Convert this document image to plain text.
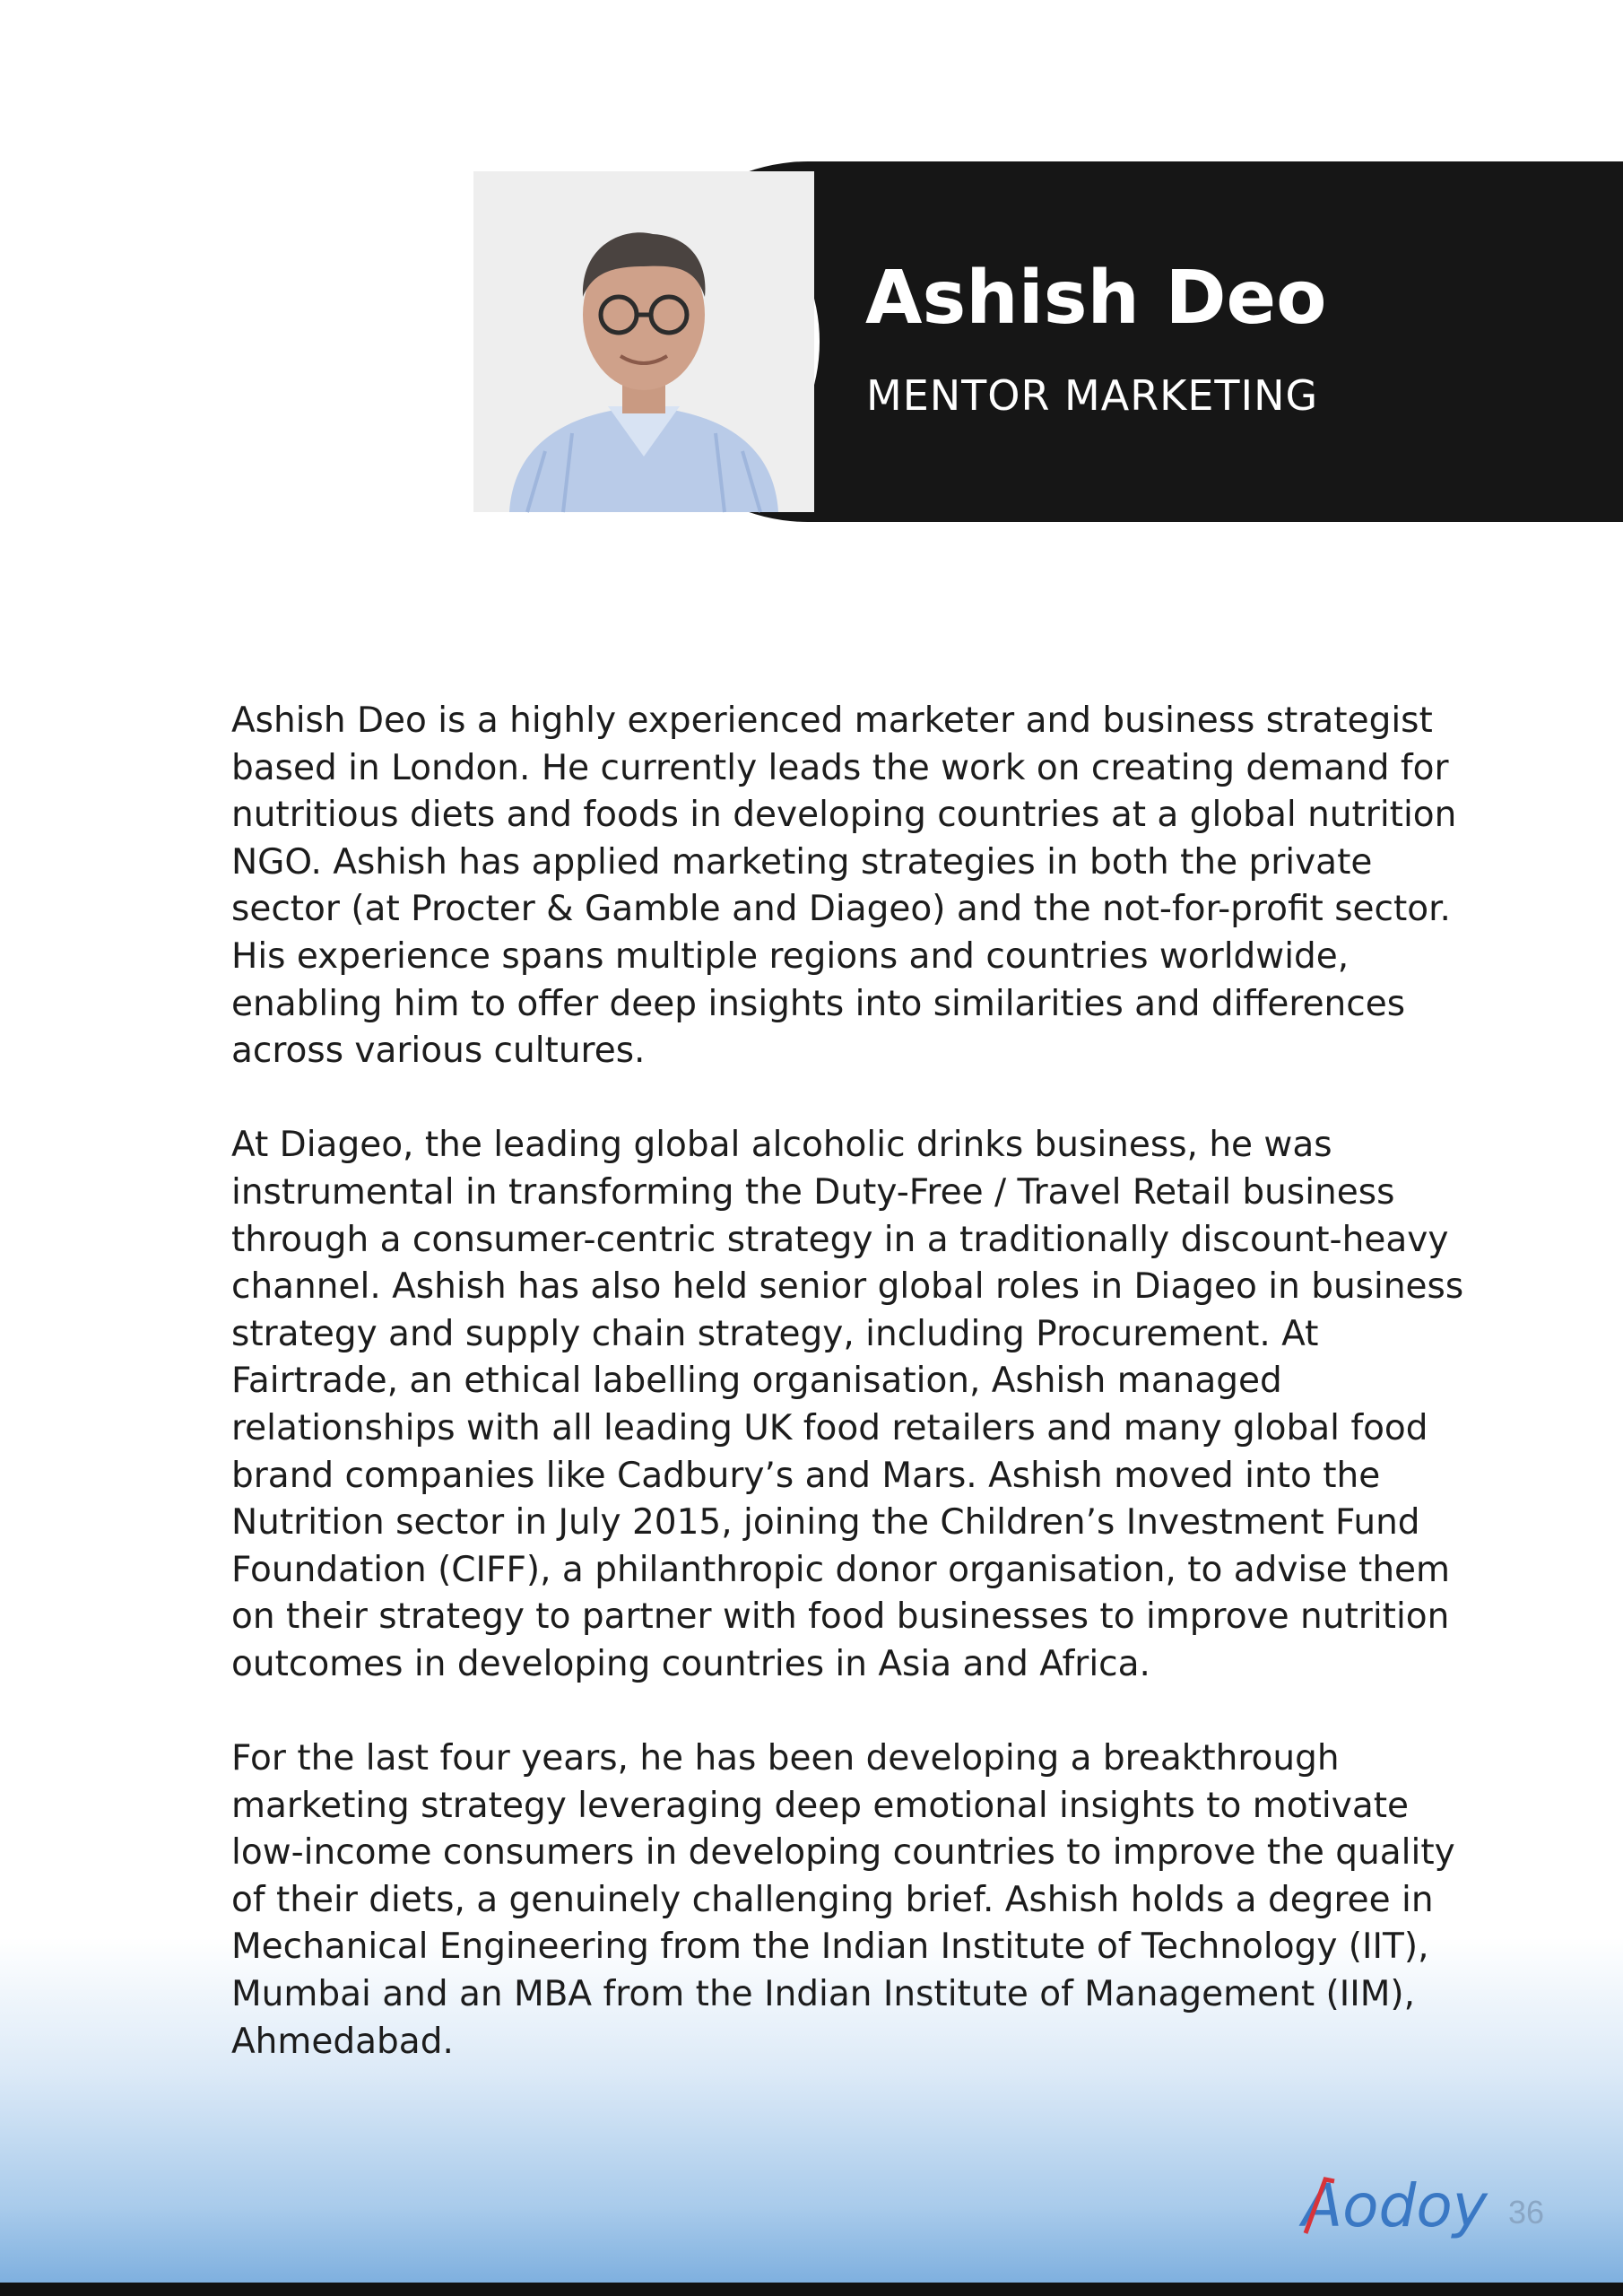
Ashish Deo
MENTOR MARKETING

Ashish Deo is a highly experienced marketer and business strategist based in London. He currently leads the work on creating demand for nutritious diets and foods in developing countries at a global nutrition NGO. Ashish has applied marketing strategies in both the private sector (at Procter & Gamble and Diageo) and the not-for-profit sector. His experience spans multiple regions and countries worldwide, enabling him to offer deep insights into similarities and differences across various cultures.

At Diageo, the leading global alcoholic drinks business, he was instrumental in transforming the Duty-Free / Travel Retail business through a consumer-centric strategy in a traditionally discount-heavy channel. Ashish has also held senior global roles in Diageo in business strategy and supply chain strategy, including Procurement. At Fairtrade, an ethical labelling organisation, Ashish managed relationships with all leading UK food retailers and many global food brand companies like Cadbury’s and Mars. Ashish moved into the Nutrition sector in July 2015, joining the Children’s Investment Fund Foundation (CIFF), a philanthropic donor organisation, to advise them on their strategy to partner with food businesses to improve nutrition outcomes in developing countries in Asia and Africa.

For the last four years, he has been developing a breakthrough marketing strategy leveraging deep emotional insights to motivate low-income consumers in developing countries to improve the quality of their diets, a genuinely challenging brief. Ashish holds a degree in Mechanical Engineering from the Indian Institute of Technology (IIT), Mumbai and an MBA from the Indian Institute of Management (IIM), Ahmedabad.

Aodoy 36
